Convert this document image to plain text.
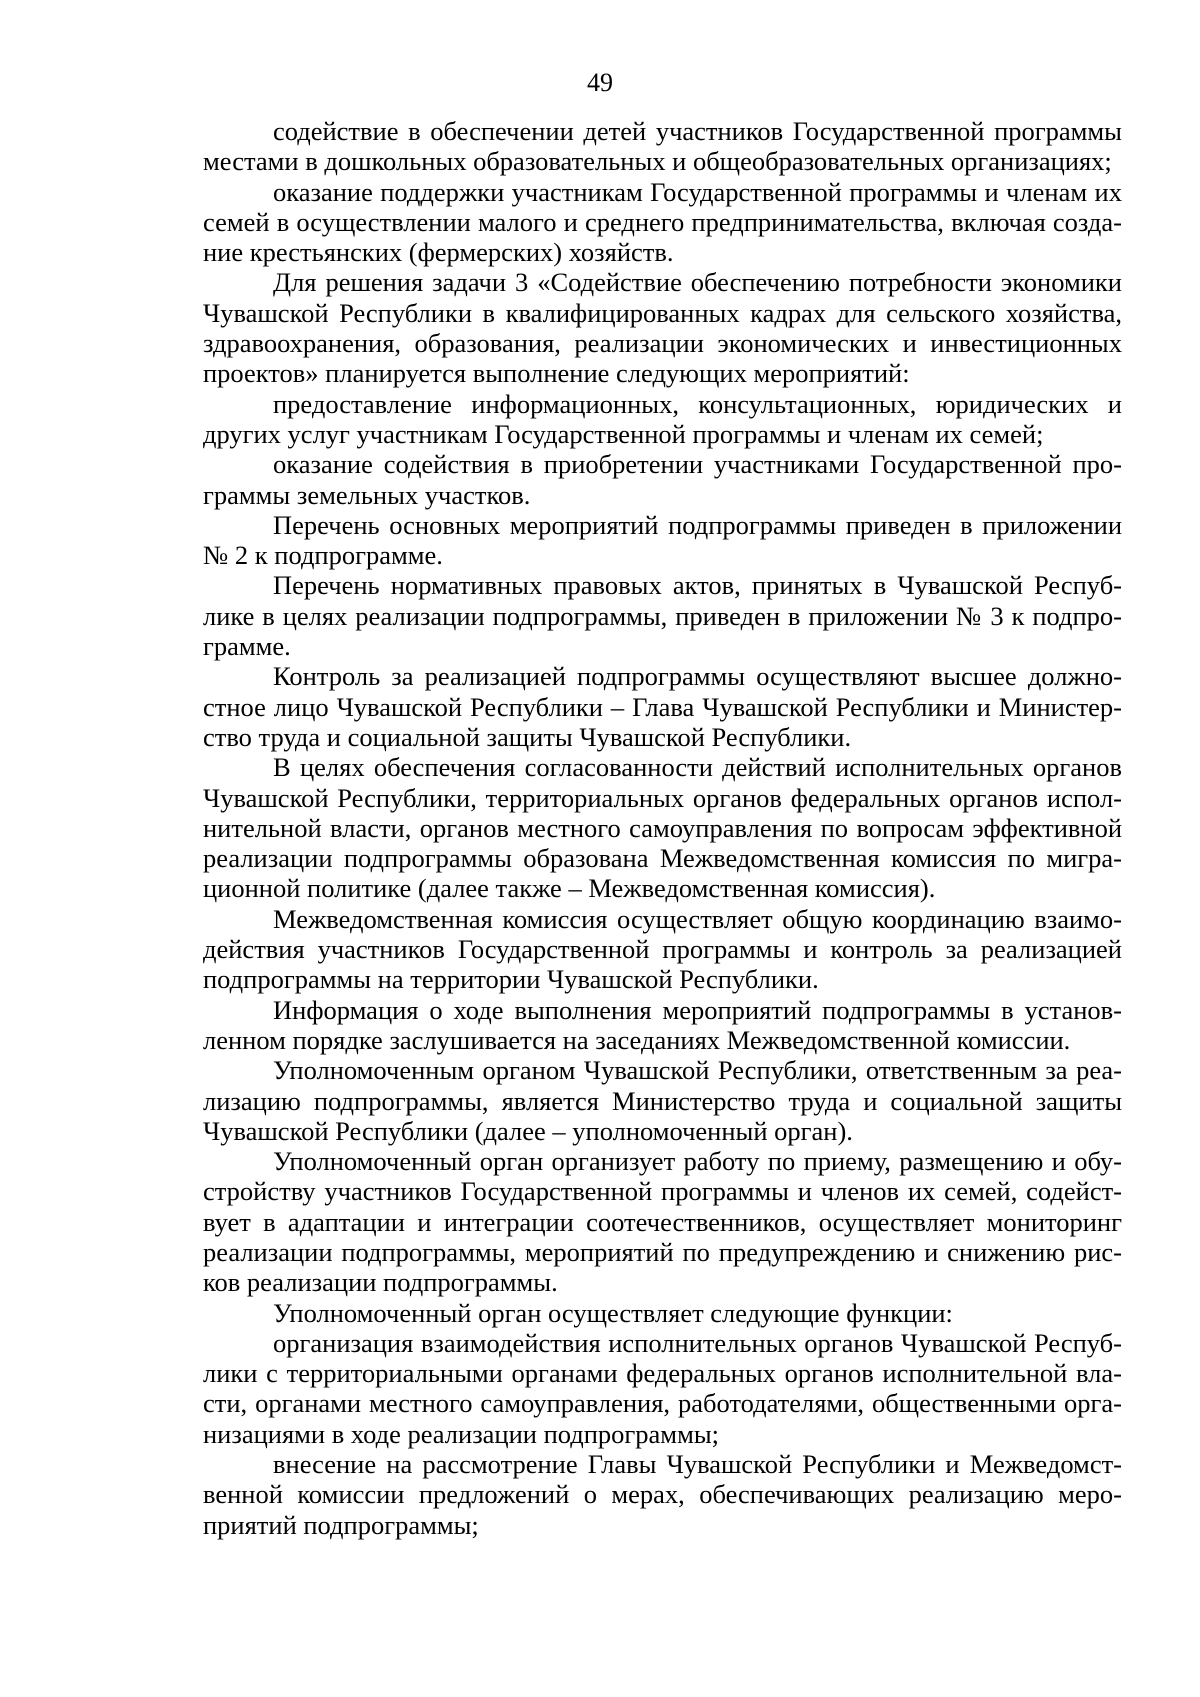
49

содействие в обеспечении детей участников Государственной программы местами в дошкольных образовательных и общеобразовательных организациях;

оказание поддержки участникам Государственной программы и членам их семей в осуществлении малого и среднего предпринимательства, включая создание крестьянских (фермерских) хозяйств.

Для решения задачи 3 «Содействие обеспечению потребности экономики Чувашской Республики в квалифицированных кадрах для сельского хозяйства, здравоохранения, образования, реализации экономических и инвестиционных проектов» планируется выполнение следующих мероприятий:

предоставление информационных, консультационных, юридических и других услуг участникам Государственной программы и членам их семей;

оказание содействия в приобретении участниками Государственной программы земельных участков.

Перечень основных мероприятий подпрограммы приведен в приложении № 2 к подпрограмме.

Перечень нормативных правовых актов, принятых в Чувашской Республике в целях реализации подпрограммы, приведен в приложении № 3 к подпрограмме.

Контроль за реализацией подпрограммы осуществляют высшее должностное лицо Чувашской Республики – Глава Чувашской Республики и Министерство труда и социальной защиты Чувашской Республики.

В целях обеспечения согласованности действий исполнительных органов Чувашской Республики, территориальных органов федеральных органов исполнительной власти, органов местного самоуправления по вопросам эффективной реализации подпрограммы образована Межведомственная комиссия по миграционной политике (далее также – Межведомственная комиссия).

Межведомственная комиссия осуществляет общую координацию взаимодействия участников Государственной программы и контроль за реализацией подпрограммы на территории Чувашской Республики.

Информация о ходе выполнения мероприятий подпрограммы в установленном порядке заслушивается на заседаниях Межведомственной комиссии.

Уполномоченным органом Чувашской Республики, ответственным за реализацию подпрограммы, является Министерство труда и социальной защиты Чувашской Республики (далее – уполномоченный орган).

Уполномоченный орган организует работу по приему, размещению и обустройству участников Государственной программы и членов их семей, содействует в адаптации и интеграции соотечественников, осуществляет мониторинг реализации подпрограммы, мероприятий по предупреждению и снижению рисков реализации подпрограммы.

Уполномоченный орган осуществляет следующие функции:

организация взаимодействия исполнительных органов Чувашской Республики с территориальными органами федеральных органов исполнительной власти, органами местного самоуправления, работодателями, общественными организациями в ходе реализации подпрограммы;

внесение на рассмотрение Главы Чувашской Республики и Межведомственной комиссии предложений о мерах, обеспечивающих реализацию мероприятий подпрограммы;
